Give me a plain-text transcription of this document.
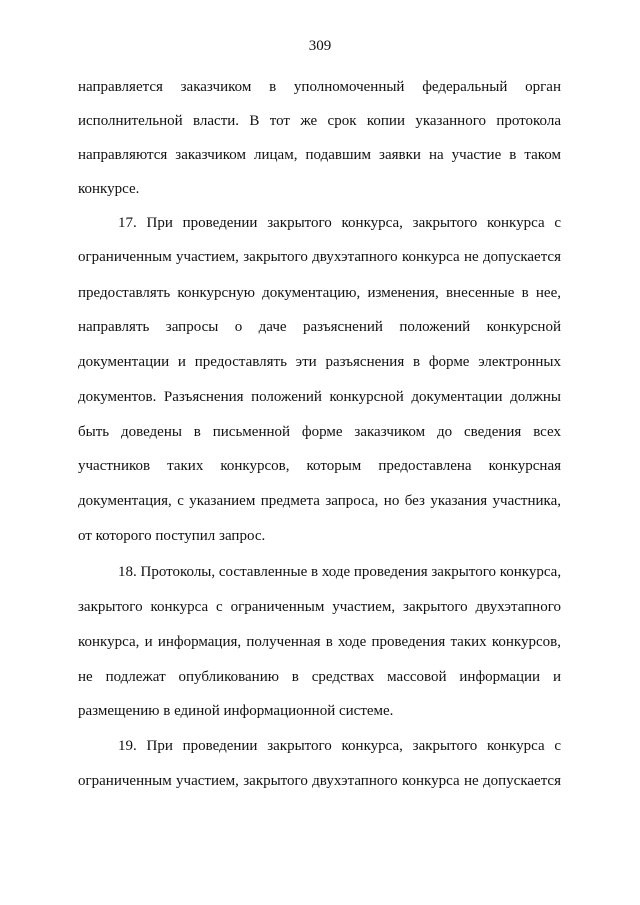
309
направляется заказчиком в уполномоченный федеральный орган
исполнительной власти. В тот же срок копии указанного протокола
направляются заказчиком лицам, подавшим заявки на участие в таком
конкурсе.
17. При проведении закрытого конкурса, закрытого конкурса с
ограниченным участием, закрытого двухэтапного конкурса не допускается
предоставлять конкурсную документацию, изменения, внесенные в нее,
направлять запросы о даче разъяснений положений конкурсной
документации и предоставлять эти разъяснения в форме электронных
документов. Разъяснения положений конкурсной документации должны
быть доведены в письменной форме заказчиком до сведения всех
участников таких конкурсов, которым предоставлена конкурсная
документация, с указанием предмета запроса, но без указания участника,
от которого поступил запрос.
18. Протоколы, составленные в ходе проведения закрытого конкурса,
закрытого конкурса с ограниченным участием, закрытого двухэтапного
конкурса, и информация, полученная в ходе проведения таких конкурсов,
не подлежат опубликованию в средствах массовой информации и
размещению в единой информационной системе.
19. При проведении закрытого конкурса, закрытого конкурса с
ограниченным участием, закрытого двухэтапного конкурса не допускается
